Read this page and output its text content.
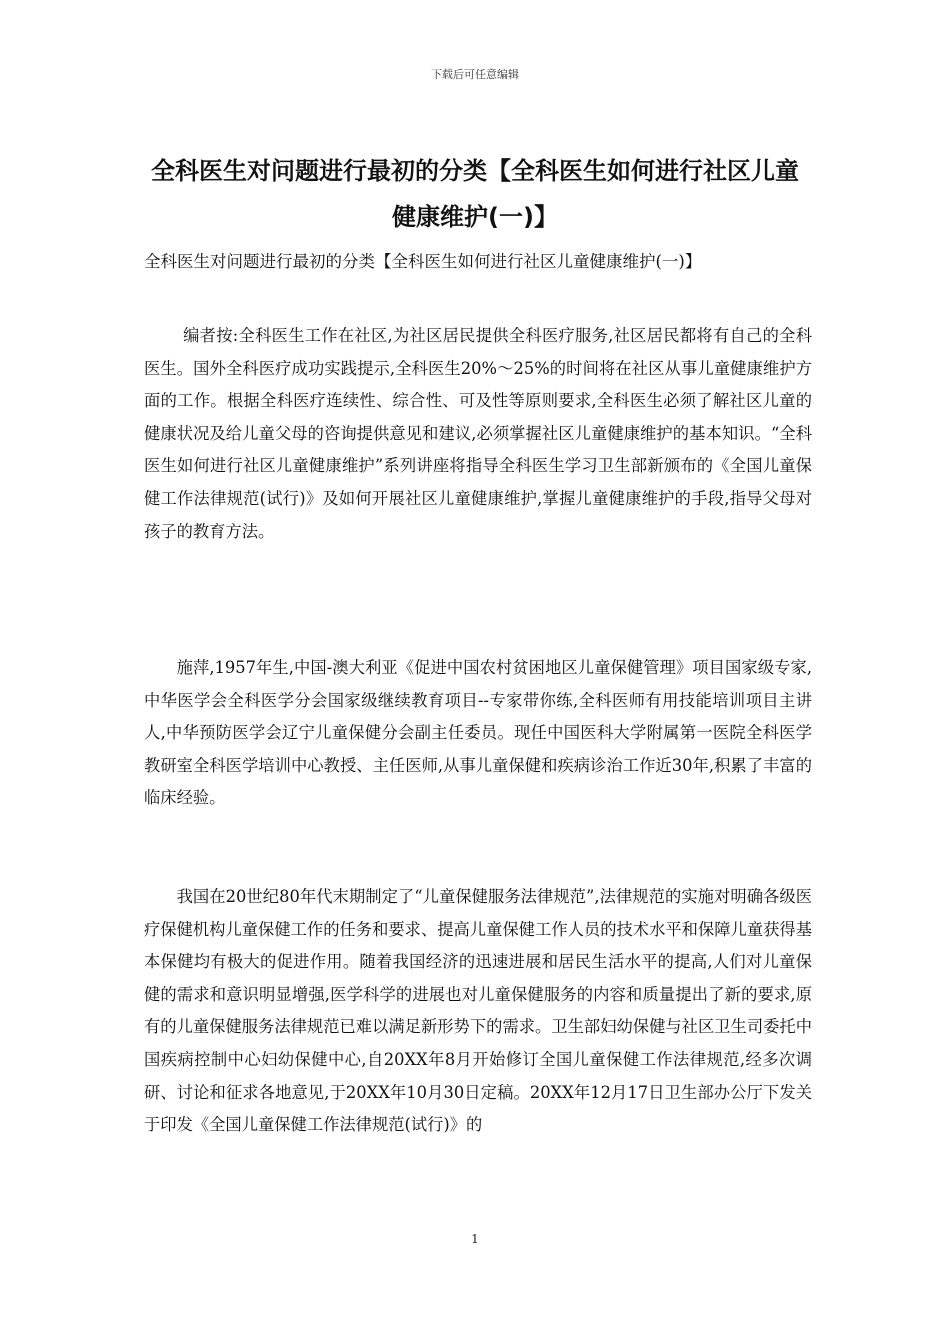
下载后可任意编辑
全科医生对问题进行最初的分类【全科医生如何进行社区儿童健康维护(一)】

全科医生对问题进行最初的分类【全科医生如何进行社区儿童健康维护(一)】

编者按:全科医生工作在社区,为社区居民提供全科医疗服务,社区居民都将有自己的全科医生。国外全科医疗成功实践提示,全科医生20%～25%的时间将在社区从事儿童健康维护方面的工作。根据全科医疗连续性、综合性、可及性等原则要求,全科医生必须了解社区儿童的健康状况及给儿童父母的咨询提供意见和建议,必须掌握社区儿童健康维护的基本知识。“全科医生如何进行社区儿童健康维护”系列讲座将指导全科医生学习卫生部新颁布的《全国儿童保健工作法律规范(试行)》及如何开展社区儿童健康维护,掌握儿童健康维护的手段,指导父母对孩子的教育方法。

施萍,1957年生,中国-澳大利亚《促进中国农村贫困地区儿童保健管理》项目国家级专家,中华医学会全科医学分会国家级继续教育项目--专家带你练,全科医师有用技能培训项目主讲人,中华预防医学会辽宁儿童保健分会副主任委员。现任中国医科大学附属第一医院全科医学教研室全科医学培训中心教授、主任医师,从事儿童保健和疾病诊治工作近30年,积累了丰富的临床经验。

我国在20世纪80年代末期制定了“儿童保健服务法律规范”,法律规范的实施对明确各级医疗保健机构儿童保健工作的任务和要求、提高儿童保健工作人员的技术水平和保障儿童获得基本保健均有极大的促进作用。随着我国经济的迅速进展和居民生活水平的提高,人们对儿童保健的需求和意识明显增强,医学科学的进展也对儿童保健服务的内容和质量提出了新的要求,原有的儿童保健服务法律规范已难以满足新形势下的需求。卫生部妇幼保健与社区卫生司委托中国疾病控制中心妇幼保健中心,自20XX年8月开始修订全国儿童保健工作法律规范,经多次调研、讨论和征求各地意见,于20XX年10月30日定稿。20XX年12月17日卫生部办公厅下发关于印发《全国儿童保健工作法律规范(试行)》的

1
